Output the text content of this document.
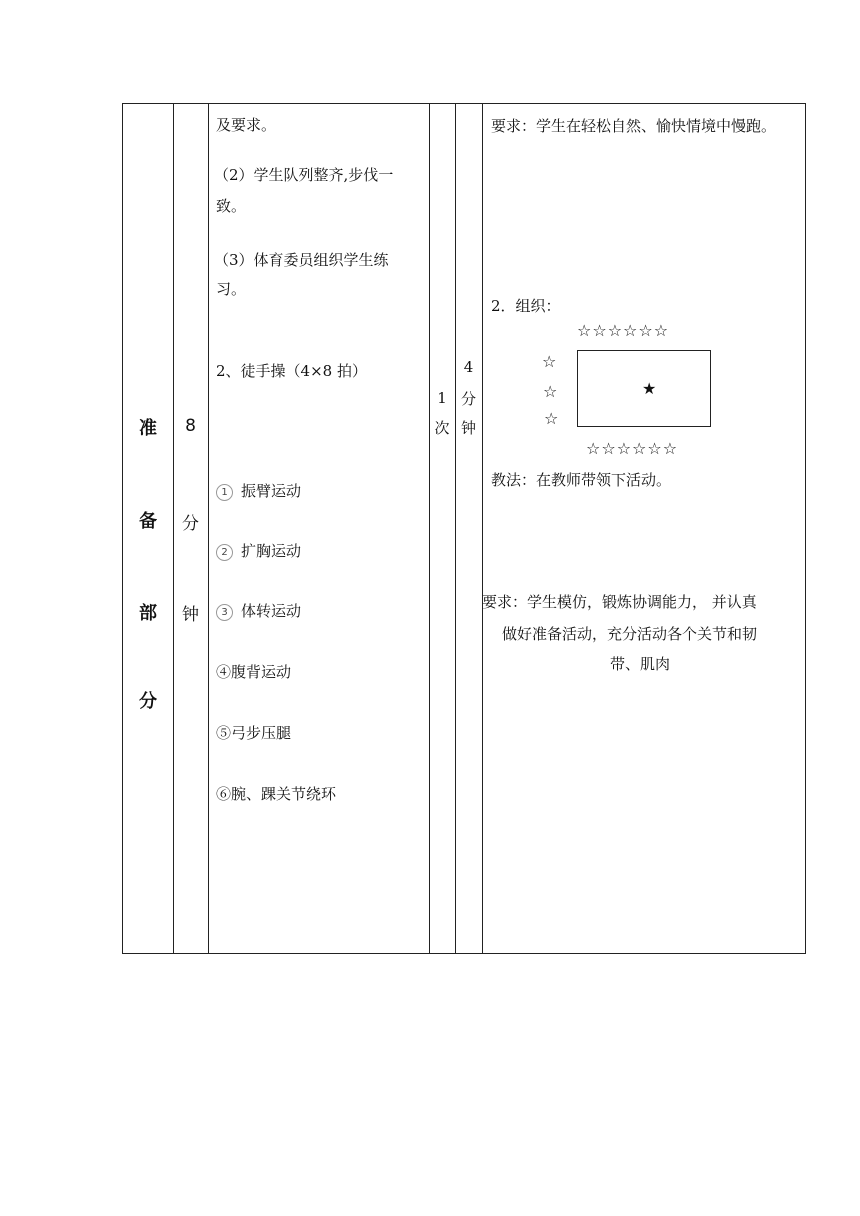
准
备
部
分
8
分
钟
及要求。
（2）学生队列整齐,步伐一
致。
（3）体育委员组织学生练
习。
2、徒手操（4×8 拍）
1 振臂运动
2 扩胸运动
3 体转运动
④腹背运动
⑤弓步压腿
⑥腕、踝关节绕环
1
次
4
分
钟
要求：学生在轻松自然、愉快情境中慢跑。
2．组织：
☆☆☆☆☆☆
☆
☆
☆
★
☆☆☆☆☆☆
教法：在教师带领下活动。
要求：学生模仿，锻炼协调能力， 并认真
做好准备活动，充分活动各个关节和韧
带、肌肉
